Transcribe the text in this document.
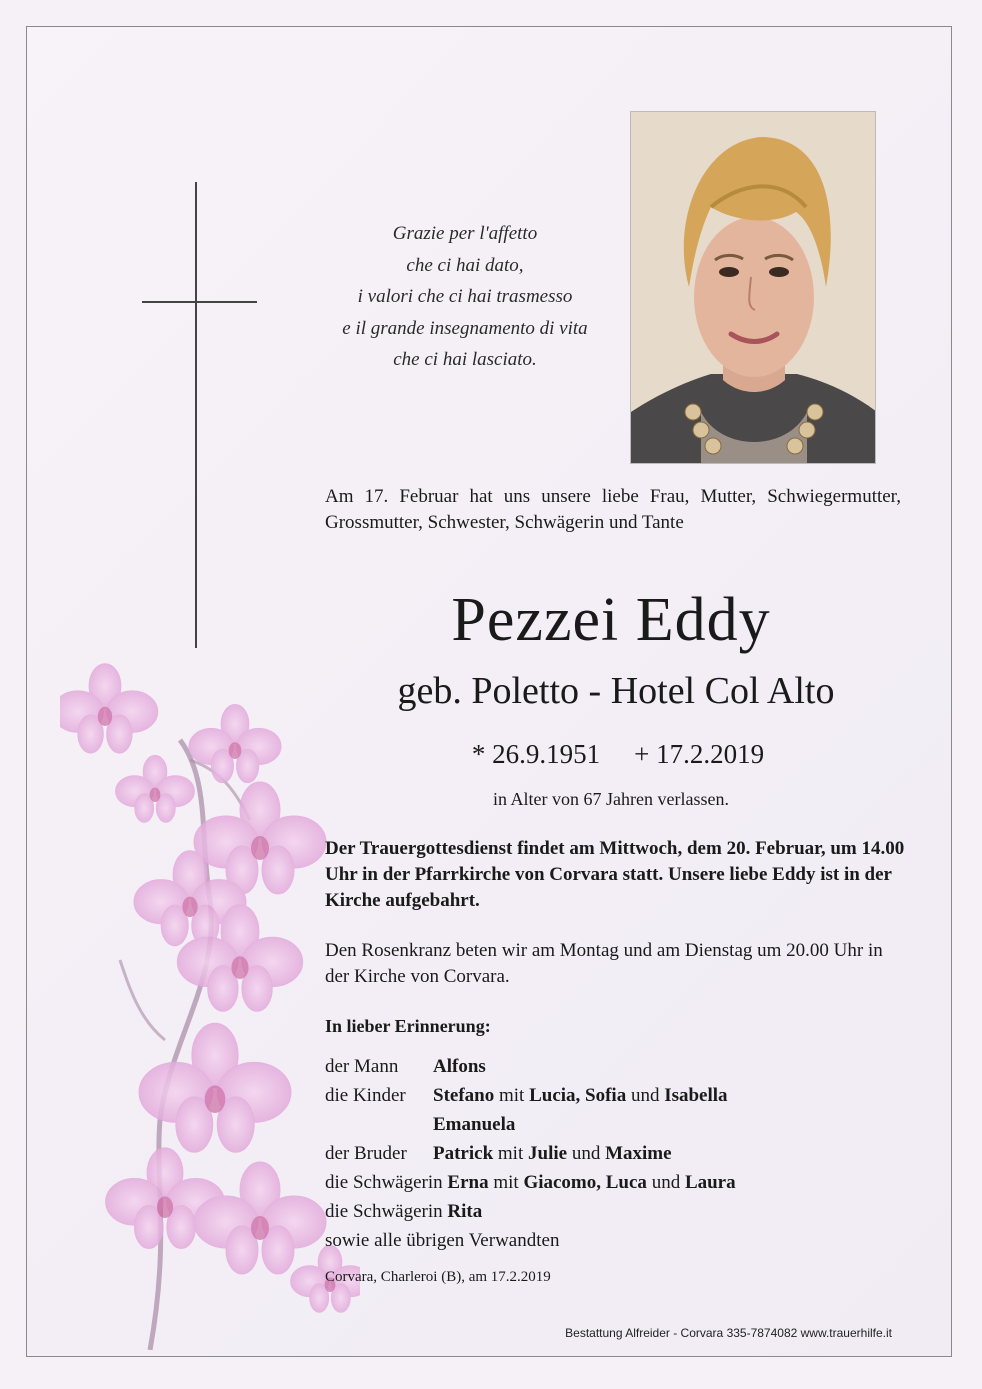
Grazie per l'affetto
che ci hai dato,
i valori che ci hai trasmesso
e il grande insegnamento di vita
che ci hai lasciato.
Am 17. Februar hat uns unsere liebe Frau, Mutter, Schwiegermutter, Grossmutter, Schwester, Schwägerin und Tante
Pezzei Eddy
geb. Poletto - Hotel Col Alto
* 26.9.1951 + 17.2.2019
in Alter von 67 Jahren verlassen.
Der Trauergottesdienst findet am Mittwoch, dem 20. Februar, um 14.00 Uhr in der Pfarrkirche von Corvara statt. Unsere liebe Eddy ist in der Kirche aufgebahrt.
Den Rosenkranz beten wir am Montag und am Dienstag um 20.00 Uhr in der Kirche von Corvara.
In lieber Erinnerung:
der Mann Alfons
die Kinder Stefano mit Lucia, Sofia und Isabella
Emanuela
der Bruder Patrick mit Julie und Maxime
die Schwägerin Erna mit Giacomo, Luca und Laura
die Schwägerin Rita
sowie alle übrigen Verwandten
Corvara, Charleroi (B), am 17.2.2019
Bestattung Alfreider - Corvara 335-7874082 www.trauerhilfe.it
